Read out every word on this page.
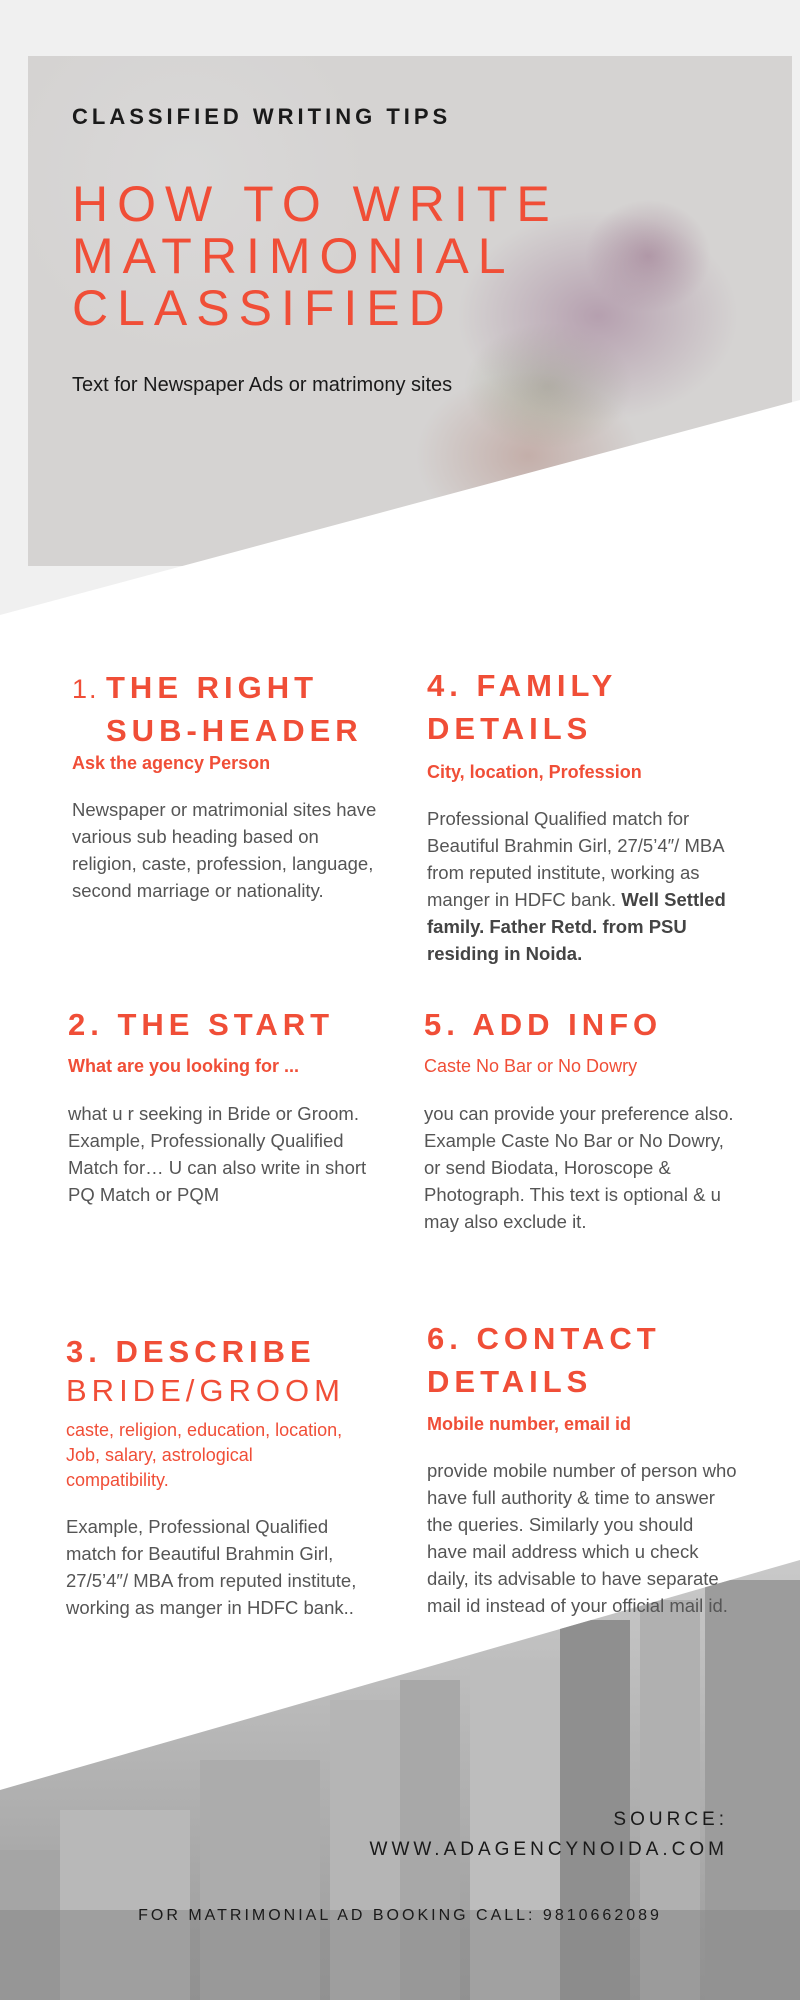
CLASSIFIED WRITING TIPS
HOW TO WRITE
MATRIMONIAL
CLASSIFIED
Text for Newspaper Ads or matrimony sites
1. THE RIGHT
SUB-HEADER
Ask the agency Person
Newspaper or matrimonial sites have various sub heading based on religion, caste, profession, language, second marriage or nationality.
2. THE START
What are you looking for ...
what u r seeking in Bride or Groom. Example, Professionally Qualified Match for… U can also write in short PQ Match or PQM
3. DESCRIBE
BRIDE/GROOM
caste, religion, education, location, Job, salary, astrological compatibility.
Example, Professional Qualified match for Beautiful Brahmin Girl, 27/5’4″/ MBA from reputed institute, working as manger in HDFC bank..
4. FAMILY
DETAILS
City, location, Profession
Professional Qualified match for Beautiful Brahmin Girl, 27/5’4″/ MBA from reputed institute, working as manger in HDFC bank. Well Settled family. Father Retd. from PSU residing in Noida.
5. ADD INFO
Caste No Bar or No Dowry
you can provide your preference also. Example Caste No Bar or No Dowry, or send Biodata, Horoscope & Photograph. This text is optional & u may also exclude it.
6. CONTACT
DETAILS
Mobile number, email id
provide mobile number of person who have full authority & time to answer the queries. Similarly you should have mail address which u check daily, its advisable to have separate mail id instead of your official mail id.
SOURCE:
WWW.ADAGENCYNOIDA.COM
FOR MATRIMONIAL AD BOOKING CALL: 9810662089
